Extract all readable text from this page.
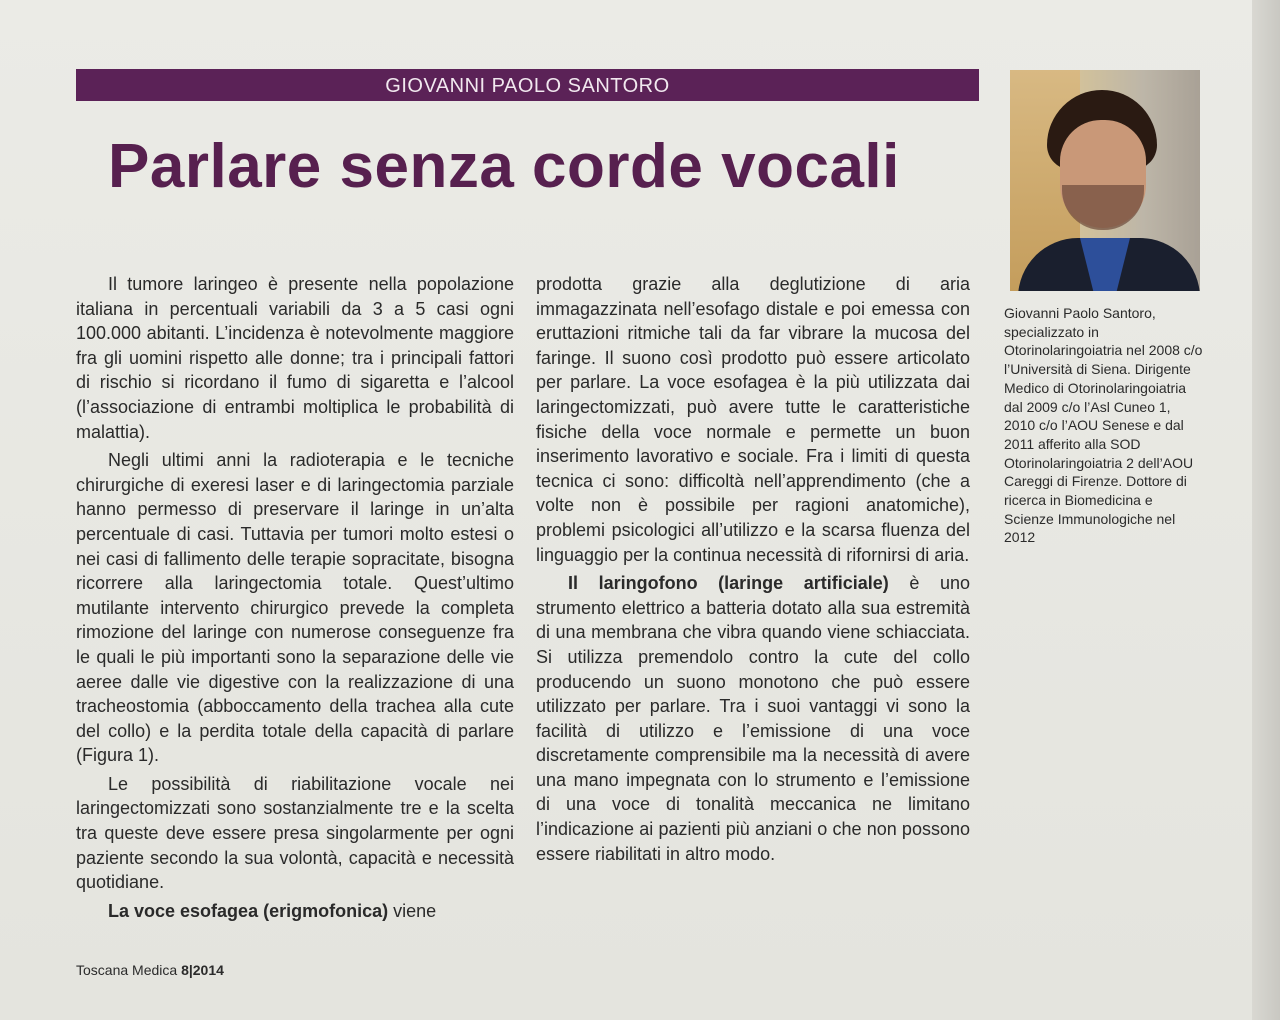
GIOVANNI PAOLO SANTORO
Parlare senza corde vocali

Giovanni Paolo Santoro, specializzato in Otorinolaringoiatria nel 2008 c/o l’Università di Siena. Dirigente Medico di Otorinolaringoiatria dal 2009 c/o l’Asl Cuneo 1, 2010 c/o l’AOU Senese e dal 2011 afferito alla SOD Otorinolaringoiatria 2 dell’AOU Careggi di Firenze. Dottore di ricerca in Biomedicina e Scienze Immunologiche nel 2012

Il tumore laringeo è presente nella popolazione italiana in percentuali variabili da 3 a 5 casi ogni 100.000 abitanti. L’incidenza è notevolmente maggiore fra gli uomini rispetto alle donne; tra i principali fattori di rischio si ricordano il fumo di sigaretta e l’alcool (l’associazione di entrambi moltiplica le probabilità di malattia).

Negli ultimi anni la radioterapia e le tecniche chirurgiche di exeresi laser e di laringectomia parziale hanno permesso di preservare il laringe in un’alta percentuale di casi. Tuttavia per tumori molto estesi o nei casi di fallimento delle terapie sopracitate, bisogna ricorrere alla laringectomia totale. Quest’ultimo mutilante intervento chirurgico prevede la completa rimozione del laringe con numerose conseguenze fra le quali le più importanti sono la separazione delle vie aeree dalle vie digestive con la realizzazione di una tracheostomia (abboccamento della trachea alla cute del collo) e la perdita totale della capacità di parlare (Figura 1).

Le possibilità di riabilitazione vocale nei laringectomizzati sono sostanzialmente tre e la scelta tra queste deve essere presa singolarmente per ogni paziente secondo la sua volontà, capacità e necessità quotidiane.

La voce esofagea (erigmofonica) viene

prodotta grazie alla deglutizione di aria immagazzinata nell’esofago distale e poi emessa con eruttazioni ritmiche tali da far vibrare la mucosa del faringe. Il suono così prodotto può essere articolato per parlare. La voce esofagea è la più utilizzata dai laringectomizzati, può avere tutte le caratteristiche fisiche della voce normale e permette un buon inserimento lavorativo e sociale. Fra i limiti di questa tecnica ci sono: difficoltà nell’apprendimento (che a volte non è possibile per ragioni anatomiche), problemi psicologici all’utilizzo e la scarsa fluenza del linguaggio per la continua necessità di rifornirsi di aria.

Il laringofono (laringe artificiale) è uno strumento elettrico a batteria dotato alla sua estremità di una membrana che vibra quando viene schiacciata. Si utilizza premendolo contro la cute del collo producendo un suono monotono che può essere utilizzato per parlare. Tra i suoi vantaggi vi sono la facilità di utilizzo e l’emissione di una voce discretamente comprensibile ma la necessità di avere una mano impegnata con lo strumento e l’emissione di una voce di tonalità meccanica ne limitano l’indicazione ai pazienti più anziani o che non possono essere riabilitati in altro modo.

Toscana Medica 8|2014
